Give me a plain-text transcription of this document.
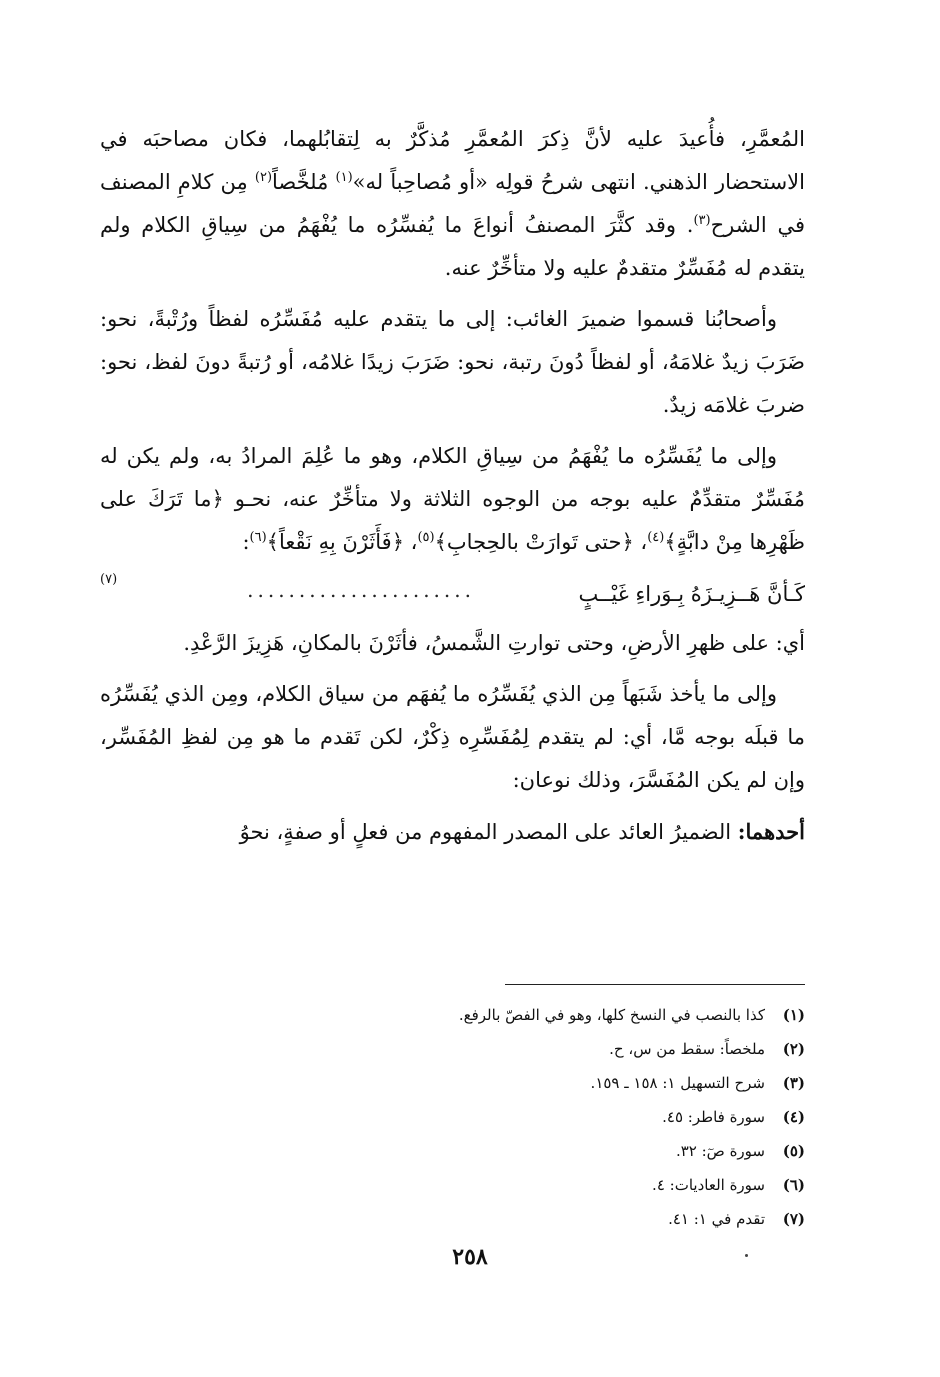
المُعمَّرِ، فأُعيدَ عليه لأنَّ ذِكرَ المُعمَّرِ مُذكَّرٌ به لِتقابُلهما، فكان مصاحبَه في الاستحضار الذهني. انتهى شرحُ قولِه «أو مُصاحِباً له»$^{(١)}$ مُلخَّصاً$^{(٢)}$ مِن كلامِ المصنف في الشرح$^{(٣)}$. وقد كثَّرَ المصنفُ أنواعَ ما يُفسِّرُه ما يُفْهَمُ من سِياقِ الكلام ولم يتقدم له مُفَسِّرٌ متقدمٌ عليه ولا متأخِّرٌ عنه.

وأصحابُنا قسموا ضميرَ الغائب: إلى ما يتقدم عليه مُفَسِّرُه لفظاً ورُتْبةً، نحو: ضَرَبَ زيدٌ غلامَهُ، أو لفظاً دُونَ رتبة، نحو: ضَرَبَ زيدًا غلامُه، أو رُتبةً دونَ لفظ، نحو: ضربَ غلامَه زيدٌ.

وإلى ما يُفَسِّرُه ما يُفْهَمُ من سِياقِ الكلام، وهو ما عُلِمَ المرادُ به، ولم يكن له مُفَسِّرٌ متقدِّمٌ عليه بوجه من الوجوه الثلاثة ولا متأخِّرٌ عنه، نحـو ﴿ما تَرَكَ على ظَهْرِها مِنْ دابَّةٍ﴾$^{(٤)}$، ﴿حتى تَوارَتْ بالحِجابِ﴾$^{(٥)}$، ﴿فَأَثَرْنَ بِهِ نَقْعاً﴾$^{(٦)}$:

كَـأنَّ هَــزِيـزَهُ بِـوَراءِ غَيْــبٍ
......................
(٧)

أي: على ظهرِ الأرضِ، وحتى توارتِ الشَّمسُ، فأثَرْنَ بالمكانِ، هَزِيزَ الرَّعْدِ.

وإلى ما يأخذ شَبَهاً مِن الذي يُفَسِّرُه ما يُفهَم من سياق الكلام، ومِن الذي يُفَسِّرُه ما قبلَه بوجه مَّا، أي: لم يتقدم لِمُفَسِّرِه ذِكْرٌ، لكن تَقدم ما هو مِن لفظِ المُفَسِّر، وإن لم يكن المُفَسَّرَ، وذلك نوعان:

أحدهما: الضميرُ العائد على المصدر المفهوم من فعلٍ أو صفةٍ، نحوُ

(١)
كذا بالنصب في النسخ كلها، وهو في الفصّ بالرفع.
(٢)
ملخصاً: سقط من س، ح.
(٣)
شرح التسهيل ١: ١٥٨ ـ ١٥٩.
(٤)
سورة فاطر: ٤٥.
(٥)
سورة صٓ: ٣٢.
(٦)
سورة العاديات: ٤.
(٧)
تقدم في ١: ٤١.
٢٥٨
